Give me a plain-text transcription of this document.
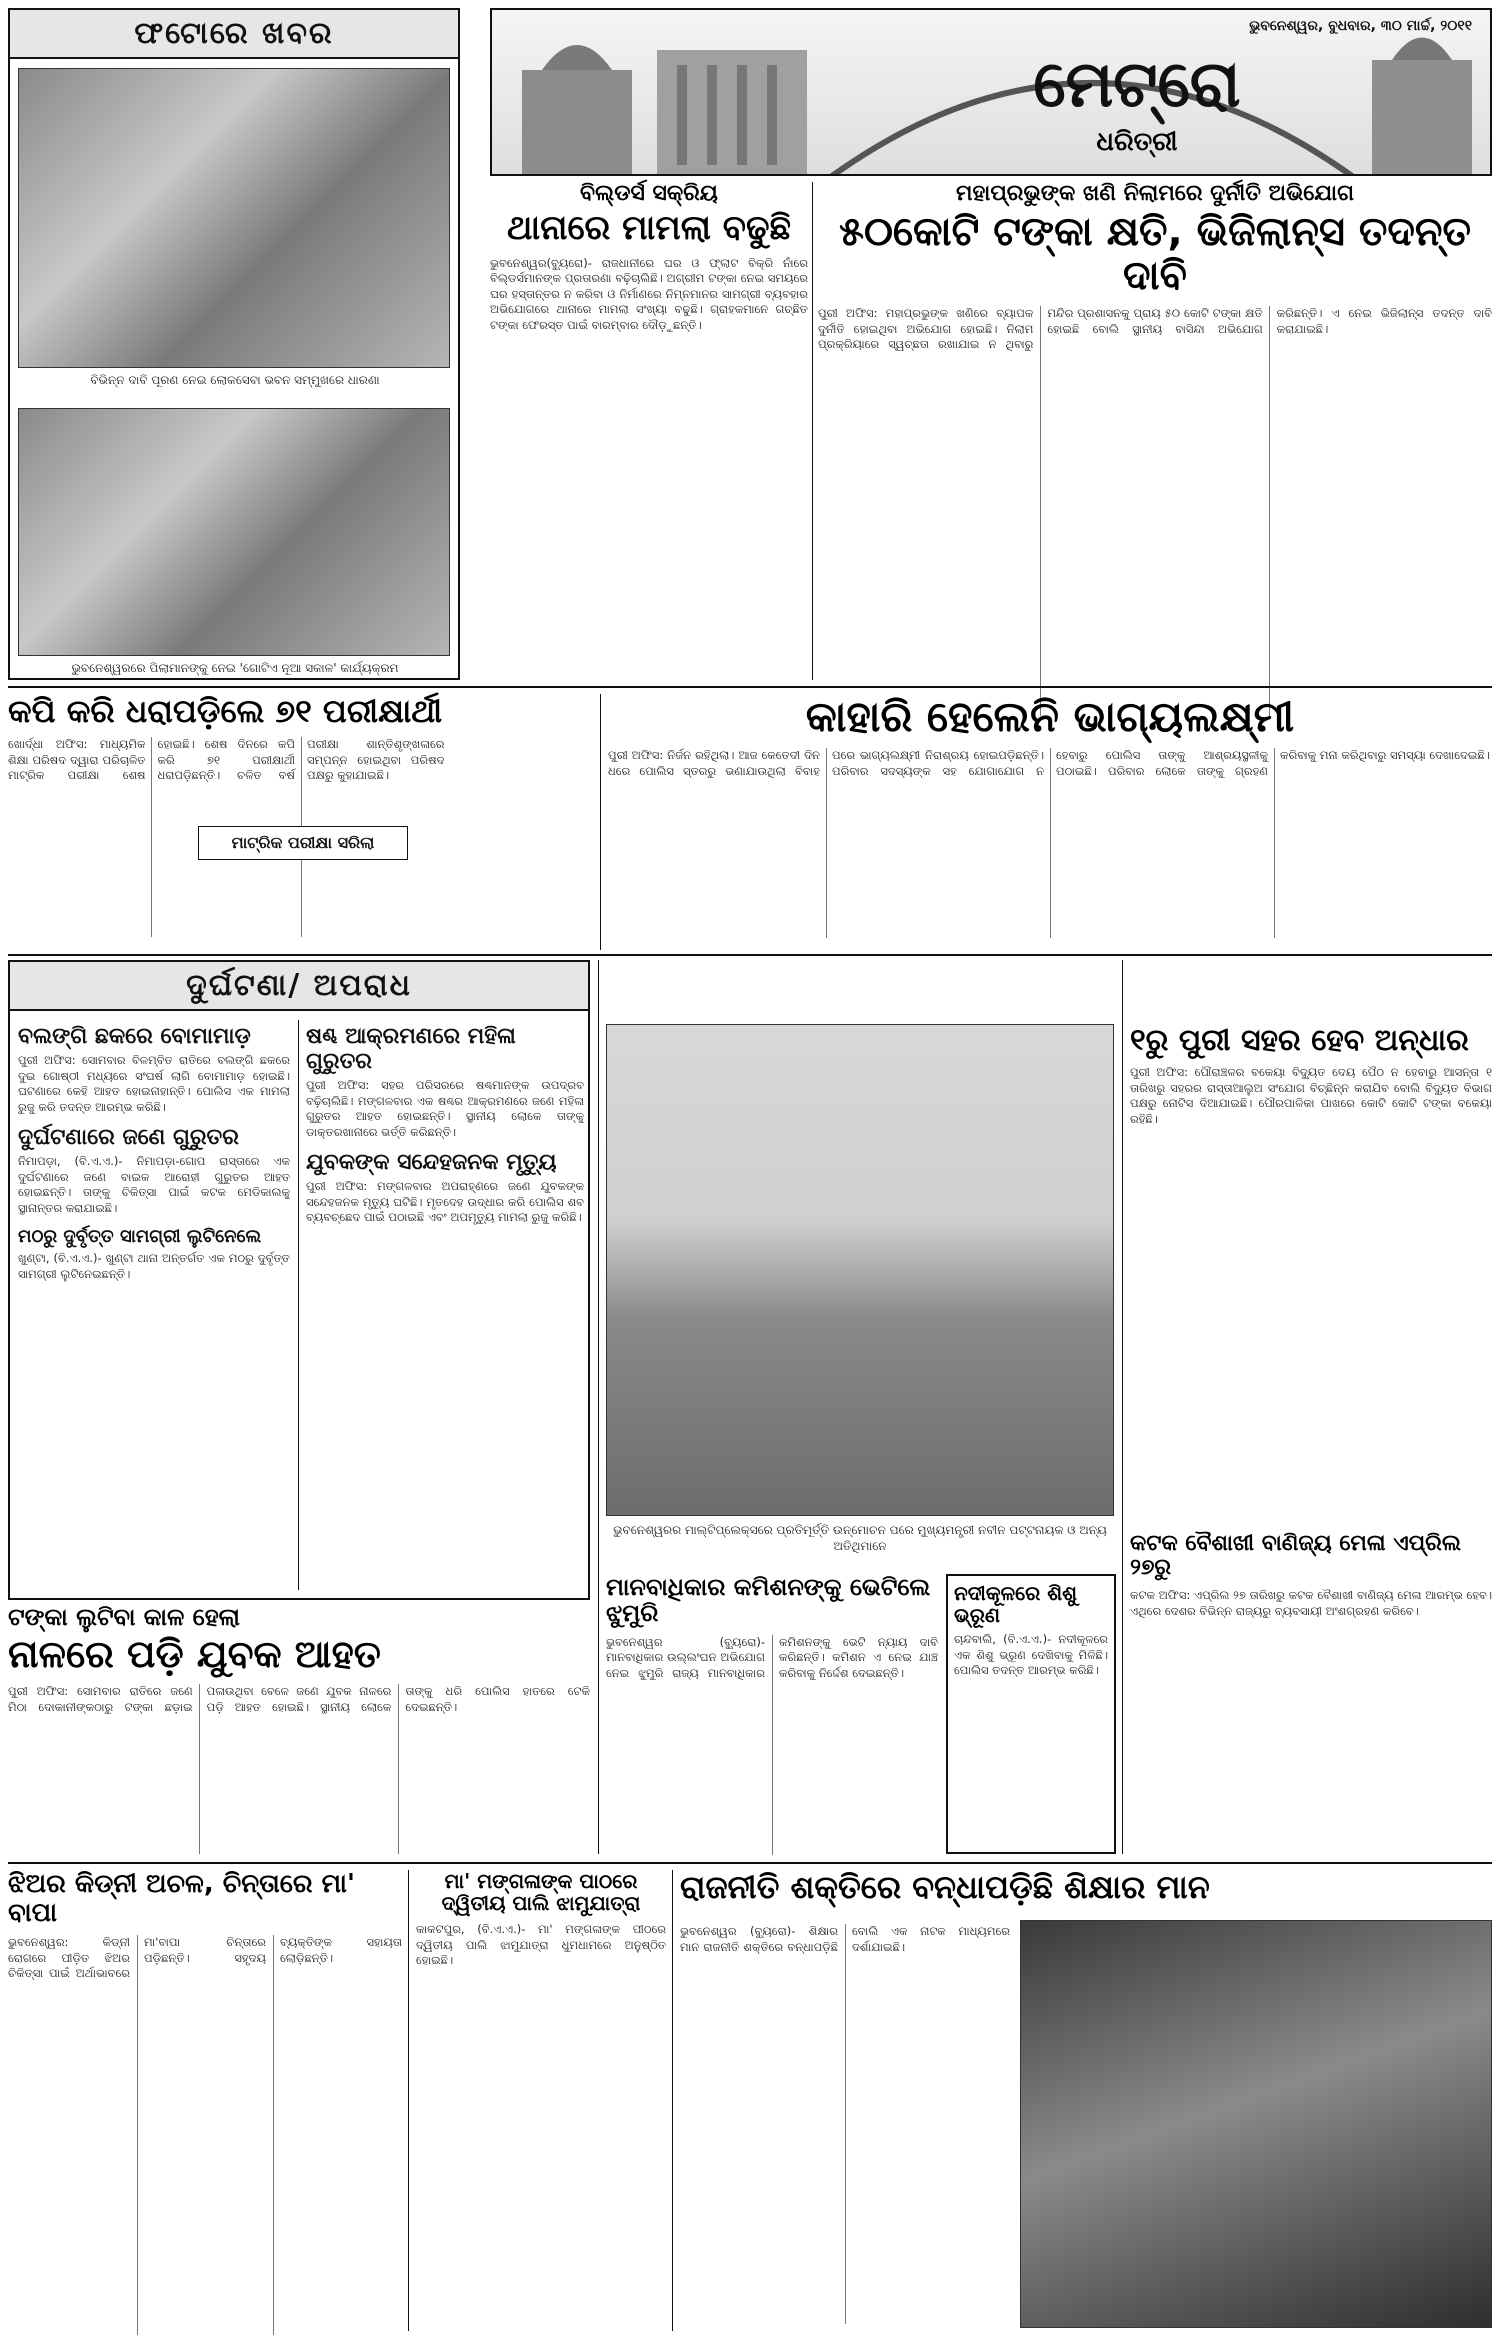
ଫଟୋରେ ଖବର
ବିଭିନ୍ନ ଦାବି ପୂରଣ ନେଇ ଲୋକସେବା ଭବନ ସମ୍ମୁଖରେ ଧାରଣା
ଭୁବନେଶ୍ୱରରେ ପିଲାମାନଙ୍କୁ ନେଇ 'ଗୋଟିଏ ନୂଆ ସକାଳ' କାର୍ଯ୍ୟକ୍ରମ
ଭୁବନେଶ୍ୱର, ବୁଧବାର, ୩୦ ମାର୍ଚ୍ଚ, ୨୦୧୧
ମେଟ୍ରୋ
ଧରିତ୍ରୀ
ବିଲ୍‌ଡର୍ସ ସକ୍ରିୟ
ଥାନାରେ ମାମଲା ବଢୁଛି
ଭୁବନେଶ୍ୱର(ବ୍ୟୁରୋ)- ରାଜଧାନୀରେ ଘର ଓ ଫ୍ଲାଟ ବିକ୍ରି ନାଁରେ ବିଲ୍‌ଡର୍ସମାନଙ୍କ ପ୍ରତାରଣା ବଢ଼ିଚାଲିଛି। ଅଗ୍ରୀମ ଟଙ୍କା ନେଇ ସମୟରେ ଘର ହସ୍ତାନ୍ତର ନ କରିବା ଓ ନିର୍ମାଣରେ ନିମ୍ନମାନର ସାମଗ୍ରୀ ବ୍ୟବହାର ଅଭିଯୋଗରେ ଥାନାରେ ମାମଲା ସଂଖ୍ୟା ବଢୁଛି। ଗ୍ରାହକମାନେ ଗଚ୍ଛିତ ଟଙ୍କା ଫେରସ୍ତ ପାଇଁ ବାରମ୍ବାର ଦୌଡ଼ୁଛନ୍ତି।
ମହାପ୍ରଭୁଙ୍କ ଖଣି ନିଲାମରେ ଦୁର୍ନୀତି ଅଭିଯୋଗ
୫୦କୋଟି ଟଙ୍କା କ୍ଷତି, ଭିଜିଲାନ୍ସ ତଦନ୍ତ ଦାବି
ପୁରୀ ଅଫିସ: ମହାପ୍ରଭୁଙ୍କ ଖଣିରେ ବ୍ୟାପକ ଦୁର୍ନୀତି ହୋଇଥିବା ଅଭିଯୋଗ ହୋଇଛି। ନିଲାମ ପ୍ରକ୍ରିୟାରେ ସ୍ୱଚ୍ଛତା ରଖାଯାଇ ନ ଥିବାରୁ ମନ୍ଦିର ପ୍ରଶାସନକୁ ପ୍ରାୟ ୫୦ କୋଟି ଟଙ୍କା କ୍ଷତି ହୋଇଛି ବୋଲି ସ୍ଥାନୀୟ ବାସିନ୍ଦା ଅଭିଯୋଗ କରିଛନ୍ତି। ଏ ନେଇ ଭିଜିଲାନ୍ସ ତଦନ୍ତ ଦାବି କରାଯାଇଛି।
କପି କରି ଧରାପଡ଼ିଲେ ୭୧ ପରୀକ୍ଷାର୍ଥୀ
ଖୋର୍ଦ୍ଧା ଅଫିସ: ମାଧ୍ୟମିକ ଶିକ୍ଷା ପରିଷଦ ଦ୍ୱାରା ପରିଚାଳିତ ମାଟ୍ରିକ ପରୀକ୍ଷା ଶେଷ ହୋଇଛି। ଶେଷ ଦିନରେ କପି କରି ୭୧ ପରୀକ୍ଷାର୍ଥୀ ଧରାପଡ଼ିଛନ୍ତି। ଚଳିତ ବର୍ଷ ପରୀକ୍ଷା ଶାନ୍ତିଶୃଙ୍ଖଳାରେ ସମ୍ପନ୍ନ ହୋଇଥିବା ପରିଷଦ ପକ୍ଷରୁ କୁହାଯାଇଛି।
ମାଟ୍ରିକ ପରୀକ୍ଷା ସରିଲା
କାହାରି ହେଲେନି ଭାଗ୍ୟଲକ୍ଷ୍ମୀ
ପୁରୀ ଅଫିସ: ନିର୍ଜନ ରହିଥିଲା। ଆଜ କେତେଦୀ ଦିନ ଧରେ ପୋଲିସ ସ୍ତରରୁ ଭଣାଯାଉଥିଲା ବିବାହ ପରେ ଭାଗ୍ୟଲକ୍ଷ୍ମୀ ନିରାଶ୍ରୟ ହୋଇପଡ଼ିଛନ୍ତି। ପରିବାର ସଦସ୍ୟଙ୍କ ସହ ଯୋଗାଯୋଗ ନ ହେବାରୁ ପୋଲିସ ତାଙ୍କୁ ଆଶ୍ରୟସ୍ଥଳୀକୁ ପଠାଇଛି। ପରିବାର ଲୋକେ ତାଙ୍କୁ ଗ୍ରହଣ କରିବାକୁ ମନା କରିଥିବାରୁ ସମସ୍ୟା ଦେଖାଦେଇଛି।
ଦୁର୍ଘଟଣା/ ଅପରାଧ
ବଲଙ୍ଗି ଛକରେ ବୋମାମାଡ଼
ପୁରୀ ଅଫିସ: ସୋମବାର ବିଳମ୍ବିତ ରାତିରେ ବଲଙ୍ଗି ଛକରେ ଦୁଇ ଗୋଷ୍ଠୀ ମଧ୍ୟରେ ସଂଘର୍ଷ ଲାଗି ବୋମାମାଡ଼ ହୋଇଛି। ଘଟଣାରେ କେହି ଆହତ ହୋଇନାହାନ୍ତି। ପୋଲିସ ଏକ ମାମଲା ରୁଜୁ କରି ତଦନ୍ତ ଆରମ୍ଭ କରିଛି।
ଦୁର୍ଘଟଣାରେ ଜଣେ ଗୁରୁତର
ନିମାପଡ଼ା, (ବି.ଏ.ଏ.)- ନିମାପଡ଼ା-ଗୋପ ରାସ୍ତାରେ ଏକ ଦୁର୍ଘଟଣାରେ ଜଣେ ବାଇକ ଆରୋହୀ ଗୁରୁତର ଆହତ ହୋଇଛନ୍ତି। ତାଙ୍କୁ ଚିକିତ୍ସା ପାଇଁ କଟକ ମେଡିକାଲକୁ ସ୍ଥାନାନ୍ତର କରାଯାଇଛି।
ମଠରୁ ଦୁର୍ବୃତ୍ତ ସାମଗ୍ରୀ ଲୁଟିନେଲେ
ଖୁଣ୍ଟା, (ବି.ଏ.ଏ.)- ଖୁଣ୍ଟା ଥାନା ଅନ୍ତର୍ଗତ ଏକ ମଠରୁ ଦୁର୍ବୃତ୍ତ ସାମଗ୍ରୀ ଲୁଟିନେଇଛନ୍ତି।
ଷଣ୍ଢ ଆକ୍ରମଣରେ ମହିଳା ଗୁରୁତର
ପୁରୀ ଅଫିସ: ସହର ପରିସରରେ ଷଣ୍ଢମାନଙ୍କ ଉପଦ୍ରବ ବଢ଼ିଚାଲିଛି। ମଙ୍ଗଳବାର ଏକ ଷଣ୍ଢର ଆକ୍ରମଣରେ ଜଣେ ମହିଳା ଗୁରୁତର ଆହତ ହୋଇଛନ୍ତି। ସ୍ଥାନୀୟ ଲୋକେ ତାଙ୍କୁ ଡାକ୍ତରଖାନାରେ ଭର୍ତ୍ତି କରିଛନ୍ତି।
ଯୁବକଙ୍କ ସନ୍ଦେହଜନକ ମୃତ୍ୟୁ
ପୁରୀ ଅଫିସ: ମଙ୍ଗଳବାର ଅପରାହ୍ଣରେ ଜଣେ ଯୁବକଙ୍କ ସନ୍ଦେହଜନକ ମୃତ୍ୟୁ ଘଟିଛି। ମୃତଦେହ ଉଦ୍ଧାର କରି ପୋଲିସ ଶବ ବ୍ୟବଚ୍ଛେଦ ପାଇଁ ପଠାଇଛି ଏବଂ ଅପମୃତ୍ୟୁ ମାମଲା ରୁଜୁ କରିଛି।
ଟଙ୍କା ଲୁଟିବା କାଳ ହେଲା
ନାଳରେ ପଡ଼ି ଯୁବକ ଆହତ
ପୁରୀ ଅଫିସ: ସୋମବାର ରାତିରେ ଜଣେ ମିଠା ଦୋକାନୀଙ୍କଠାରୁ ଟଙ୍କା ଛଡ଼ାଇ ପଳାଉଥିବା ବେଳେ ଜଣେ ଯୁବକ ନାଳରେ ପଡ଼ି ଆହତ ହୋଇଛି। ସ୍ଥାନୀୟ ଲୋକେ ତାଙ୍କୁ ଧରି ପୋଲିସ ହାତରେ ଟେକି ଦେଇଛନ୍ତି।
ଭୁବନେଶ୍ୱରର ମାଲ୍‌ଟିପ୍ଲେକ୍ସରେ ପ୍ରତିମୂର୍ତ୍ତି ଉନ୍ମୋଚନ ପରେ ମୁଖ୍ୟମନ୍ତ୍ରୀ ନବୀନ ପଟ୍ଟନାୟକ ଓ ଅନ୍ୟ ଅତିଥିମାନେ
ମାନବାଧିକାର କମିଶନଙ୍କୁ ଭେଟିଲେ ଝୁମୁରି
ଭୁବନେଶ୍ୱର (ବ୍ୟୁରୋ)- ମାନବାଧିକାର ଉଲ୍ଲଂଘନ ଅଭିଯୋଗ ନେଇ ଝୁମୁରି ରାଜ୍ୟ ମାନବାଧିକାର କମିଶନଙ୍କୁ ଭେଟି ନ୍ୟାୟ ଦାବି କରିଛନ୍ତି। କମିଶନ ଏ ନେଇ ଯାଞ୍ଚ କରିବାକୁ ନିର୍ଦ୍ଦେଶ ଦେଇଛନ୍ତି।
ନଦୀକୂଳରେ ଶିଶୁ ଭ୍ରୂଣ
ଚାନ୍ଦବାଲି, (ବି.ଏ.ଏ.)- ନଦୀକୂଳରେ ଏକ ଶିଶୁ ଭ୍ରୂଣ ଦେଖିବାକୁ ମିଳିଛି। ପୋଲିସ ତଦନ୍ତ ଆରମ୍ଭ କରିଛି।
୧ରୁ ପୁରୀ ସହର ହେବ ଅନ୍ଧାର
ପୁରୀ ଅଫିସ: ପୌରାଞ୍ଚଳର ବକେୟା ବିଦ୍ୟୁତ ଦେୟ ପୈଠ ନ ହେବାରୁ ଆସନ୍ତା ୧ ତାରିଖରୁ ସହରର ରାସ୍ତାଆଲୁଅ ସଂଯୋଗ ବିଚ୍ଛିନ୍ନ କରାଯିବ ବୋଲି ବିଦ୍ୟୁତ ବିଭାଗ ପକ୍ଷରୁ ନୋଟିସ ଦିଆଯାଇଛି। ପୌରପାଳିକା ପାଖରେ କୋଟି କୋଟି ଟଙ୍କା ବକେୟା ରହିଛି।
କଟକ ବୈଶାଖୀ ବାଣିଜ୍ୟ ମେଳା ଏପ୍ରିଲ ୨୭ରୁ
କଟକ ଅଫିସ: ଏପ୍ରିଲ ୨୭ ତାରିଖରୁ କଟକ ବୈଶାଖୀ ବାଣିଜ୍ୟ ମେଳା ଆରମ୍ଭ ହେବ। ଏଥିରେ ଦେଶର ବିଭିନ୍ନ ରାଜ୍ୟରୁ ବ୍ୟବସାୟୀ ଅଂଶଗ୍ରହଣ କରିବେ।
ଝିଅର କିଡ୍‌ନୀ ଅଚଳ, ଚିନ୍ତାରେ ମା' ବାପା
ଭୁବନେଶ୍ୱର: କିଡ୍‌ନୀ ରୋଗରେ ପୀଡ଼ିତ ଝିଅର ଚିକିତ୍ସା ପାଇଁ ଅର୍ଥାଭାବରେ ମା'ବାପା ଚିନ୍ତାରେ ପଡ଼ିଛନ୍ତି। ସହୃଦୟ ବ୍ୟକ୍ତିଙ୍କ ସହାୟତା ଲୋଡ଼ିଛନ୍ତି।
ମା' ମଙ୍ଗଳାଙ୍କ ପାଠରେ ଦ୍ୱିତୀୟ ପାଲି ଝାମୁଯାତ୍ରା
କାକଟପୁର, (ବି.ଏ.ଏ.)- ମା' ମଙ୍ଗଳାଙ୍କ ପୀଠରେ ଦ୍ୱିତୀୟ ପାଲି ଝାମୁଯାତ୍ରା ଧୁମଧାମରେ ଅନୁଷ୍ଠିତ ହୋଇଛି।
ରାଜନୀତି ଶକ୍ତିରେ ବନ୍ଧାପଡ଼ିଛି ଶିକ୍ଷାର ମାନ
ଭୁବନେଶ୍ୱର (ବ୍ୟୁରୋ)- ଶିକ୍ଷାର ମାନ ରାଜନୀତି ଶକ୍ତିରେ ବନ୍ଧାପଡ଼ିଛି ବୋଲି ଏକ ନାଟକ ମାଧ୍ୟମରେ ଦର୍ଶାଯାଇଛି।
